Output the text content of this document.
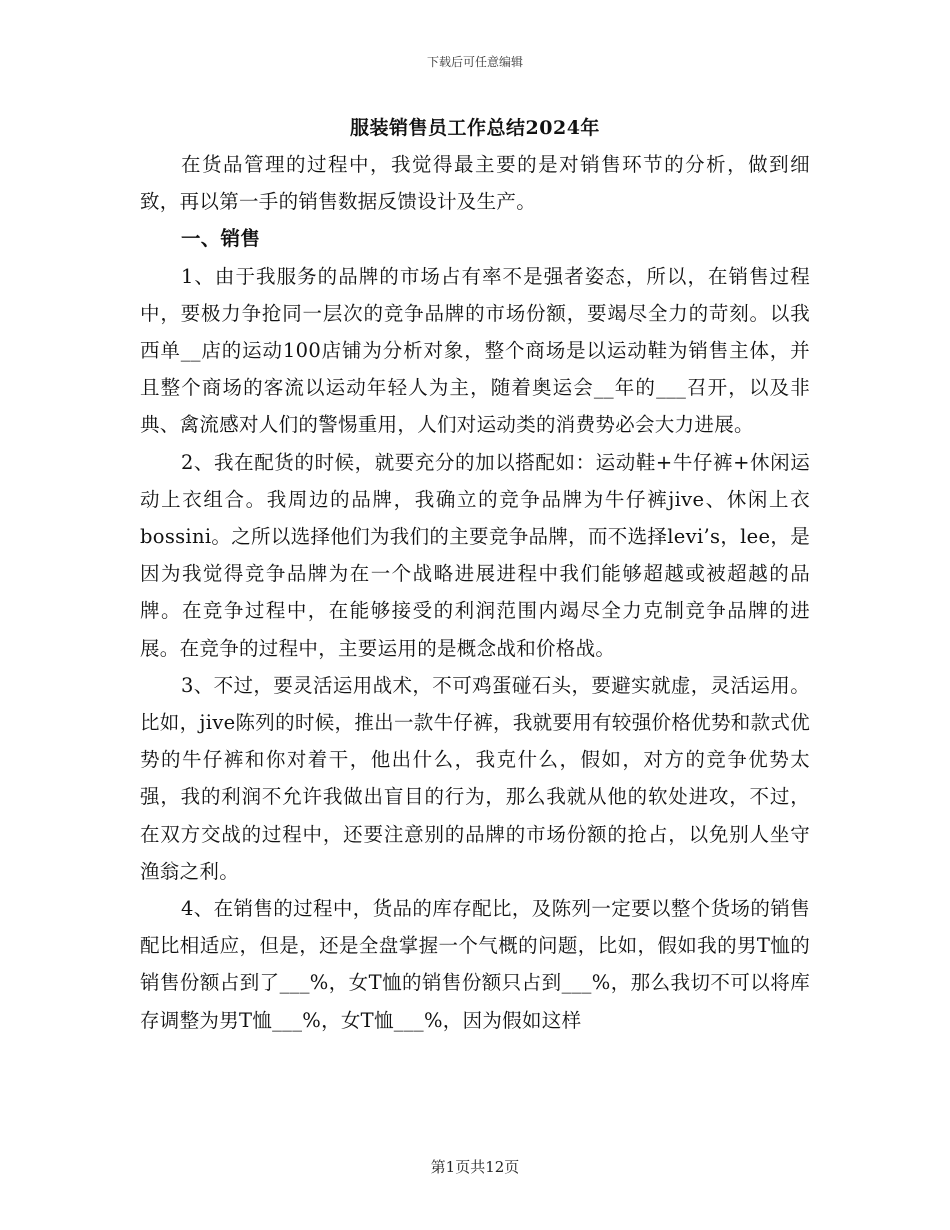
下载后可任意编辑
服装销售员工作总结2024年

在货品管理的过程中，我觉得最主要的是对销售环节的分析，做到细致，再以第一手的销售数据反馈设计及生产。

一、销售

1、由于我服务的品牌的市场占有率不是强者姿态，所以，在销售过程中，要极力争抢同一层次的竞争品牌的市场份额，要竭尽全力的苛刻。以我西单__店的运动100店铺为分析对象，整个商场是以运动鞋为销售主体，并且整个商场的客流以运动年轻人为主，随着奥运会__年的___召开，以及非典、禽流感对人们的警惕重用，人们对运动类的消费势必会大力进展。

2、我在配货的时候，就要充分的加以搭配如：运动鞋+牛仔裤+休闲运动上衣组合。我周边的品牌，我确立的竞争品牌为牛仔裤jive、休闲上衣bossini。之所以选择他们为我们的主要竞争品牌，而不选择levi’s，lee，是因为我觉得竞争品牌为在一个战略进展进程中我们能够超越或被超越的品牌。在竞争过程中，在能够接受的利润范围内竭尽全力克制竞争品牌的进展。在竞争的过程中，主要运用的是概念战和价格战。

3、不过，要灵活运用战术，不可鸡蛋碰石头，要避实就虚，灵活运用。比如，jive陈列的时候，推出一款牛仔裤，我就要用有较强价格优势和款式优势的牛仔裤和你对着干，他出什么，我克什么，假如，对方的竞争优势太强，我的利润不允许我做出盲目的行为，那么我就从他的软处进攻，不过，在双方交战的过程中，还要注意别的品牌的市场份额的抢占，以免别人坐守渔翁之利。

4、在销售的过程中，货品的库存配比，及陈列一定要以整个货场的销售配比相适应，但是，还是全盘掌握一个气概的问题，比如，假如我的男T恤的销售份额占到了___%，女T恤的销售份额只占到___%，那么我切不可以将库存调整为男T恤___%，女T恤___%，因为假如这样

第1页共12页
